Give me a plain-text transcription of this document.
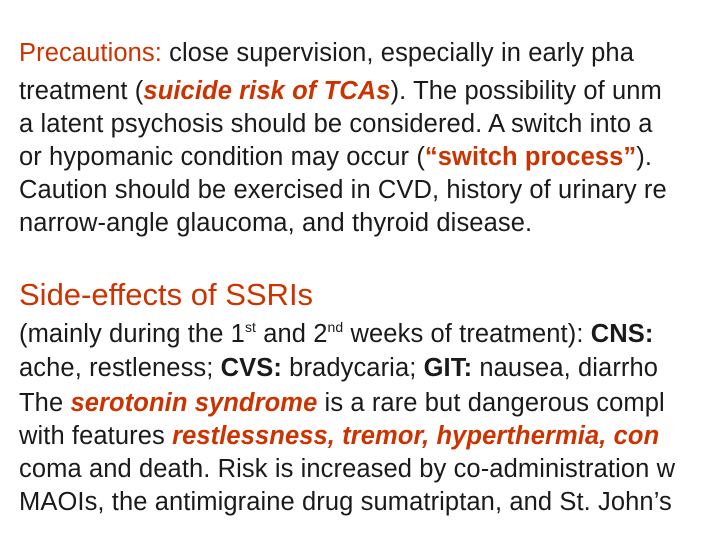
Precautions: close supervision, especially in early pha
treatment (suicide risk of TCAs). The possibility of unm
a latent psychosis should be considered. A switch into a
or hypomanic condition may occur (“switch process”).
Caution should be exercised in CVD, history of urinary re
narrow-angle glaucoma, and thyroid disease.
Side-effects of SSRIs
(mainly during the 1st and 2nd weeks of treatment): CNS:
ache, restleness; CVS: bradycaria; GIT: nausea, diarrho
The serotonin syndrome is a rare but dangerous compl
with features restlessness, tremor, hyperthermia, con
coma and death. Risk is increased by co-administration w
MAOIs, the antimigraine drug sumatriptan, and St. John’s
